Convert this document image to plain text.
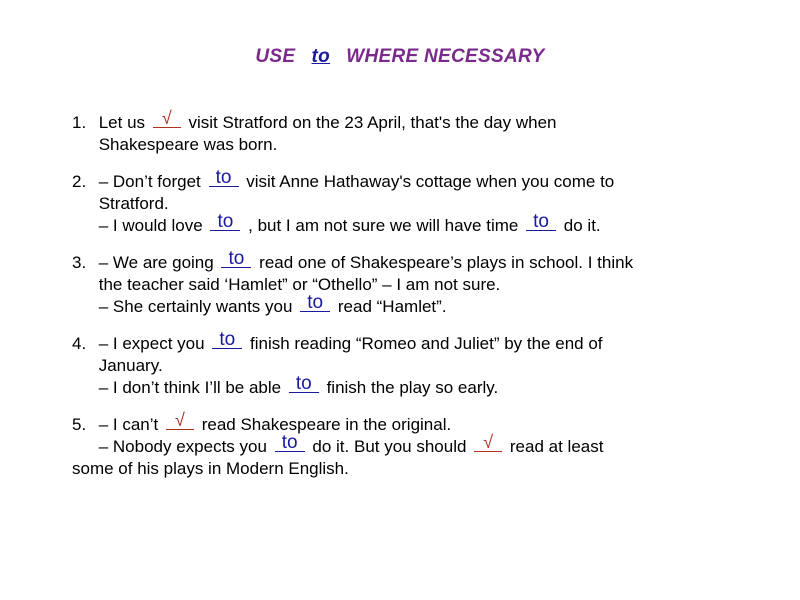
USE to WHERE NECESSARY
1. Let us √ visit Stratford on the 23 April, that's the day when
Shakespeare was born.
2. – Don’t forget to visit Anne Hathaway's cottage when you come to
Stratford.
– I would love to , but I am not sure we will have time to do it.
3. – We are going to read one of Shakespeare’s plays in school. I think
the teacher said ‘Hamlet” or “Othello” – I am not sure.
– She certainly wants you to read “Hamlet”.
4. – I expect you to finish reading “Romeo and Juliet” by the end of
January.
– I don’t think I’ll be able to finish the play so early.
5. – I can’t √ read Shakespeare in the original.
– Nobody expects you to do it. But you should √ read at least
some of his plays in Modern English.
